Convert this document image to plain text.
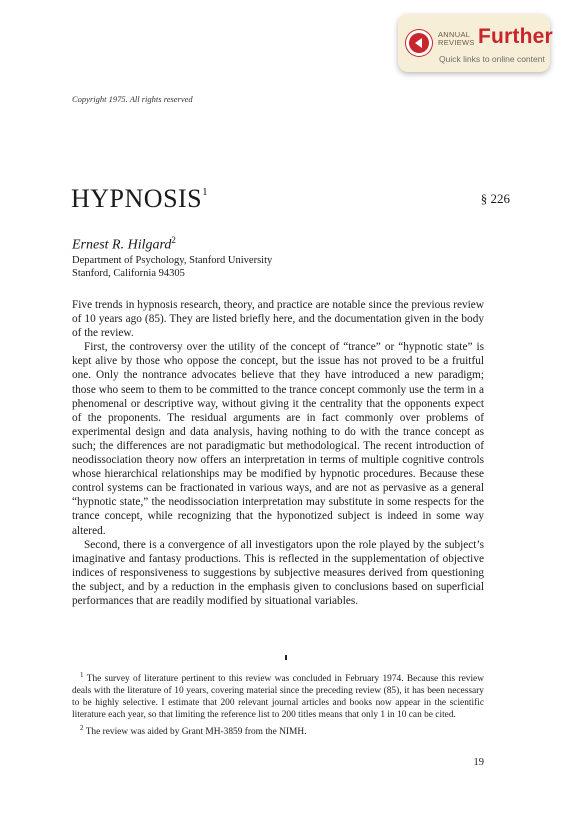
ANNUAL
REVIEWS Further
Quick links to online content
Copyright 1975. All rights reserved
HYPNOSIS$^1$	§ 226
Ernest R. Hilgard$^2$
Department of Psychology, Stanford University
Stanford, California 94305

Five trends in hypnosis research, theory, and practice are notable since the previous review of 10 years ago (85). They are listed briefly here, and the documentation given in the body of the review.

First, the controversy over the utility of the concept of “trance” or “hypnotic state” is kept alive by those who oppose the concept, but the issue has not proved to be a fruitful one. Only the nontrance advocates believe that they have introduced a new paradigm; those who seem to them to be committed to the trance concept commonly use the term in a phenomenal or descriptive way, without giving it the centrality that the opponents expect of the proponents. The residual arguments are in fact commonly over problems of experimental design and data analysis, having nothing to do with the trance concept as such; the differences are not paradigmatic but methodological. The recent introduction of neodissociation theory now offers an interpretation in terms of multiple cognitive controls whose hierarchical relationships may be modified by hypnotic procedures. Because these control systems can be fractionated in various ways, and are not as pervasive as a general “hypnotic state,” the neodissociation interpretation may substitute in some respects for the trance concept, while recognizing that the hyponotized subject is indeed in some way altered.

Second, there is a convergence of all investigators upon the role played by the subject’s imaginative and fantasy productions. This is reflected in the supplementation of objective indices of responsiveness to suggestions by subjective measures derived from questioning the subject, and by a reduction in the emphasis given to conclusions based on superficial performances that are readily modified by situational variables.

$^1$ The survey of literature pertinent to this review was concluded in February 1974. Because this review deals with the literature of 10 years, covering material since the preceding review (85), it has been necessary to be highly selective. I estimate that 200 relevant journal articles and books now appear in the scientific literature each year, so that limiting the reference list to 200 titles means that only 1 in 10 can be cited.

$^2$ The review was aided by Grant MH-3859 from the NIMH.

19
